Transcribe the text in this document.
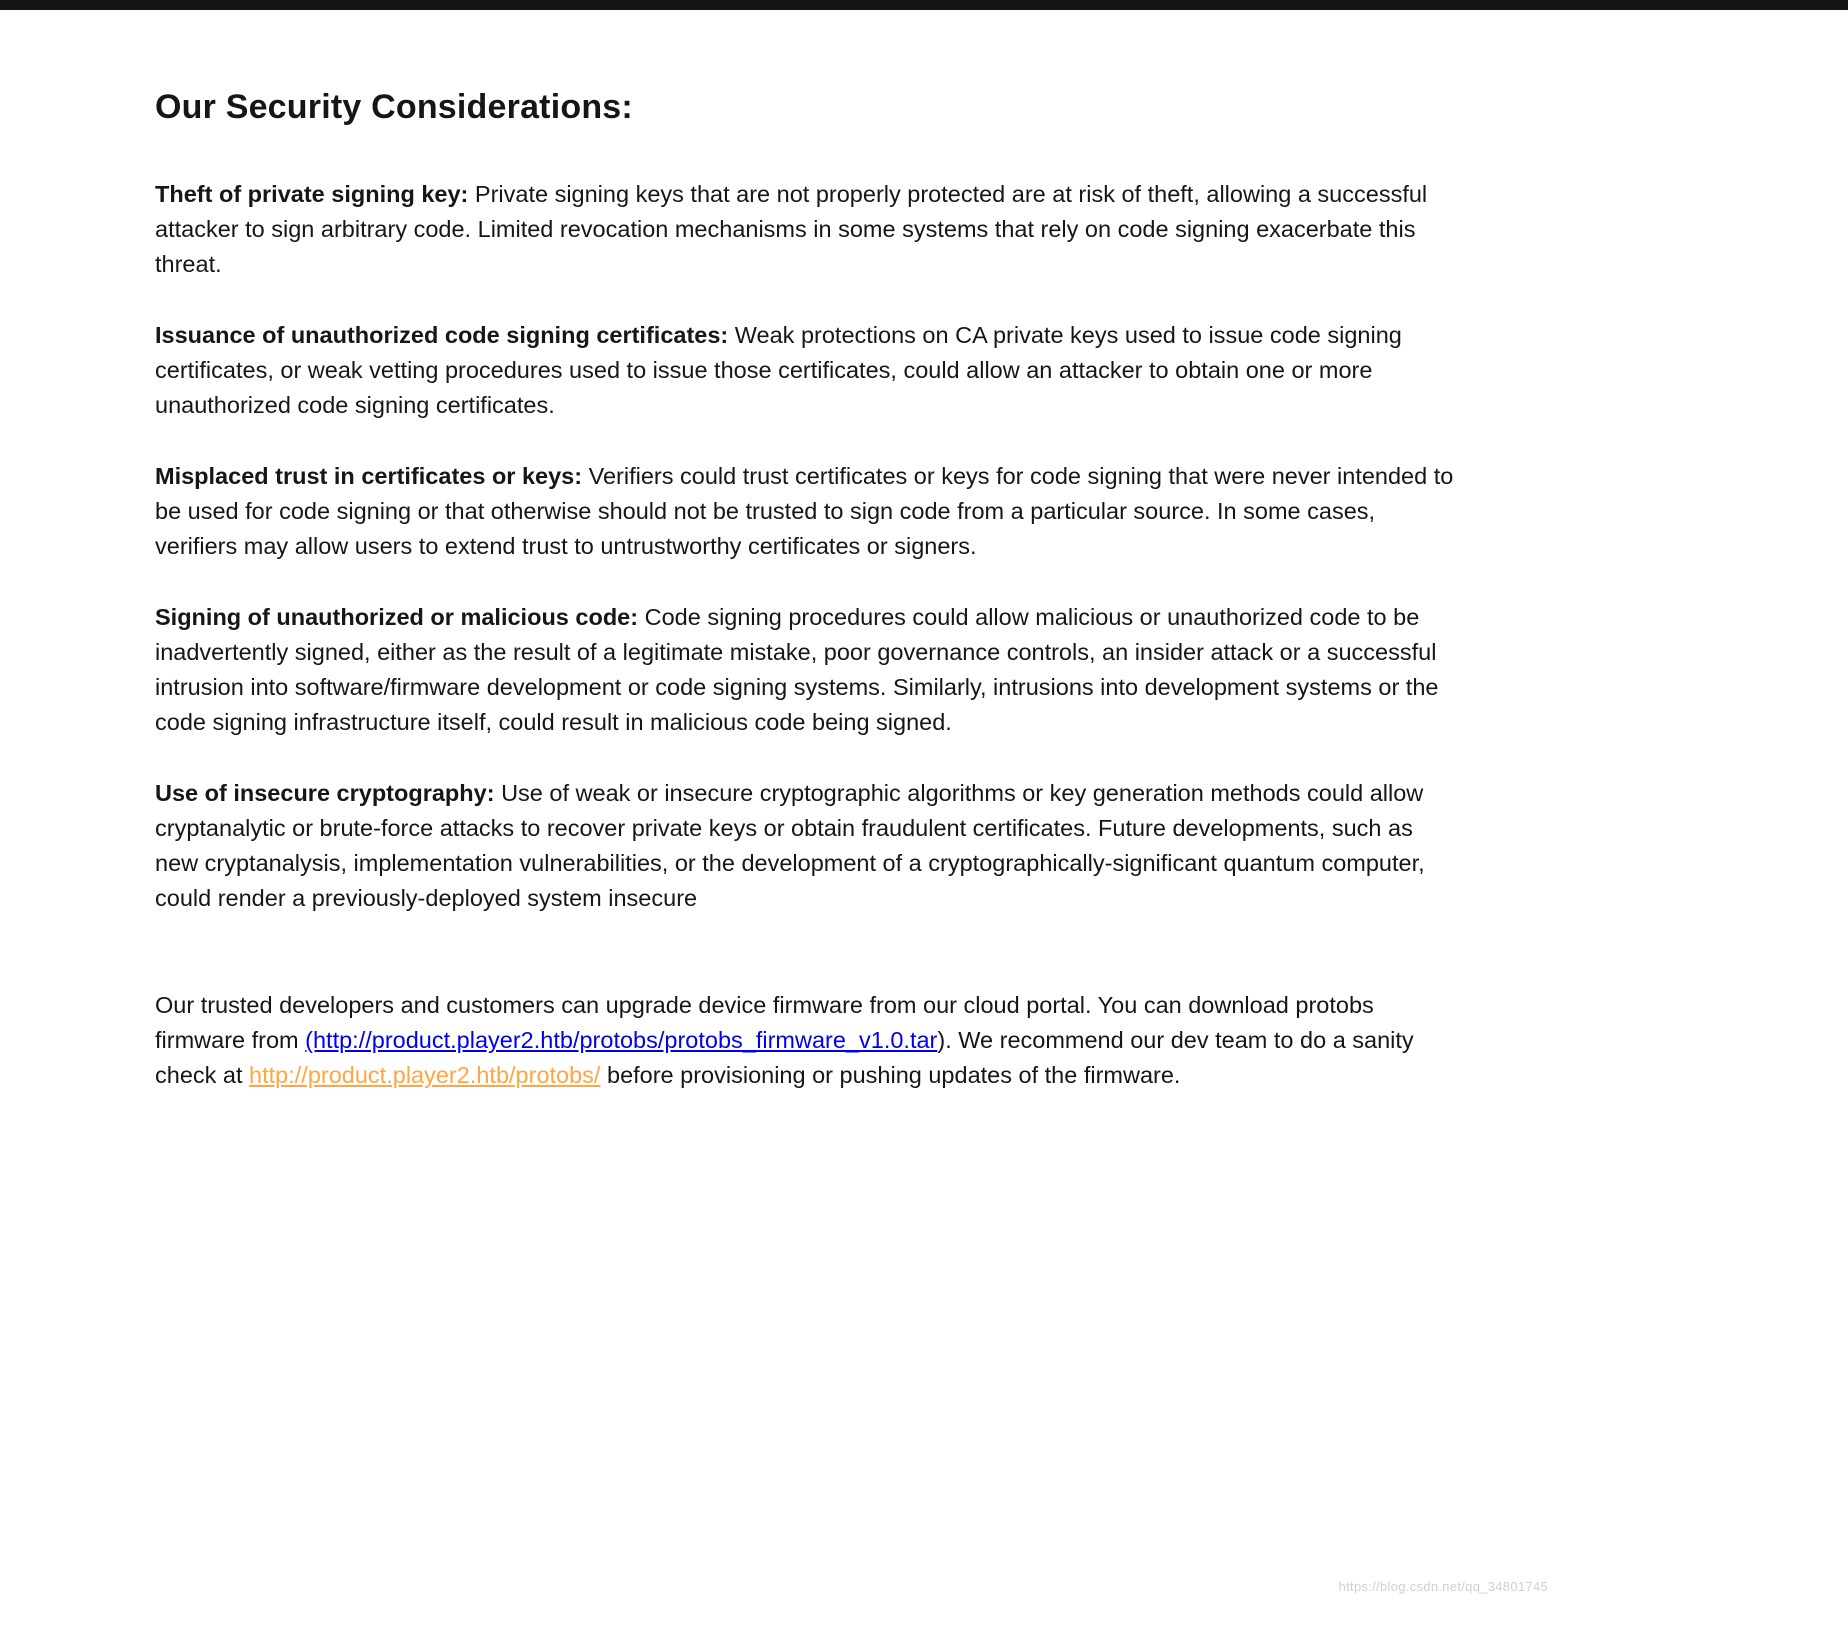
Our Security Considerations:

Theft of private signing key: Private signing keys that are not properly protected are at risk of theft, allowing a successful attacker to sign arbitrary code. Limited revocation mechanisms in some systems that rely on code signing exacerbate this threat.

Issuance of unauthorized code signing certificates: Weak protections on CA private keys used to issue code signing certificates, or weak vetting procedures used to issue those certificates, could allow an attacker to obtain one or more unauthorized code signing certificates.

Misplaced trust in certificates or keys: Verifiers could trust certificates or keys for code signing that were never intended to be used for code signing or that otherwise should not be trusted to sign code from a particular source. In some cases, verifiers may allow users to extend trust to untrustworthy certificates or signers.

Signing of unauthorized or malicious code: Code signing procedures could allow malicious or unauthorized code to be inadvertently signed, either as the result of a legitimate mistake, poor governance controls, an insider attack or a successful intrusion into software/firmware development or code signing systems. Similarly, intrusions into development systems or the code signing infrastructure itself, could result in malicious code being signed.

Use of insecure cryptography: Use of weak or insecure cryptographic algorithms or key generation methods could allow cryptanalytic or brute-force attacks to recover private keys or obtain fraudulent certificates. Future developments, such as new cryptanalysis, implementation vulnerabilities, or the development of a cryptographically-significant quantum computer, could render a previously-deployed system insecure

Our trusted developers and customers can upgrade device firmware from our cloud portal. You can download protobs firmware from (http://product.player2.htb/protobs/protobs_firmware_v1.0.tar). We recommend our dev team to do a sanity check at http://product.player2.htb/protobs/ before provisioning or pushing updates of the firmware.

https://blog.csdn.net/qq_34801745
